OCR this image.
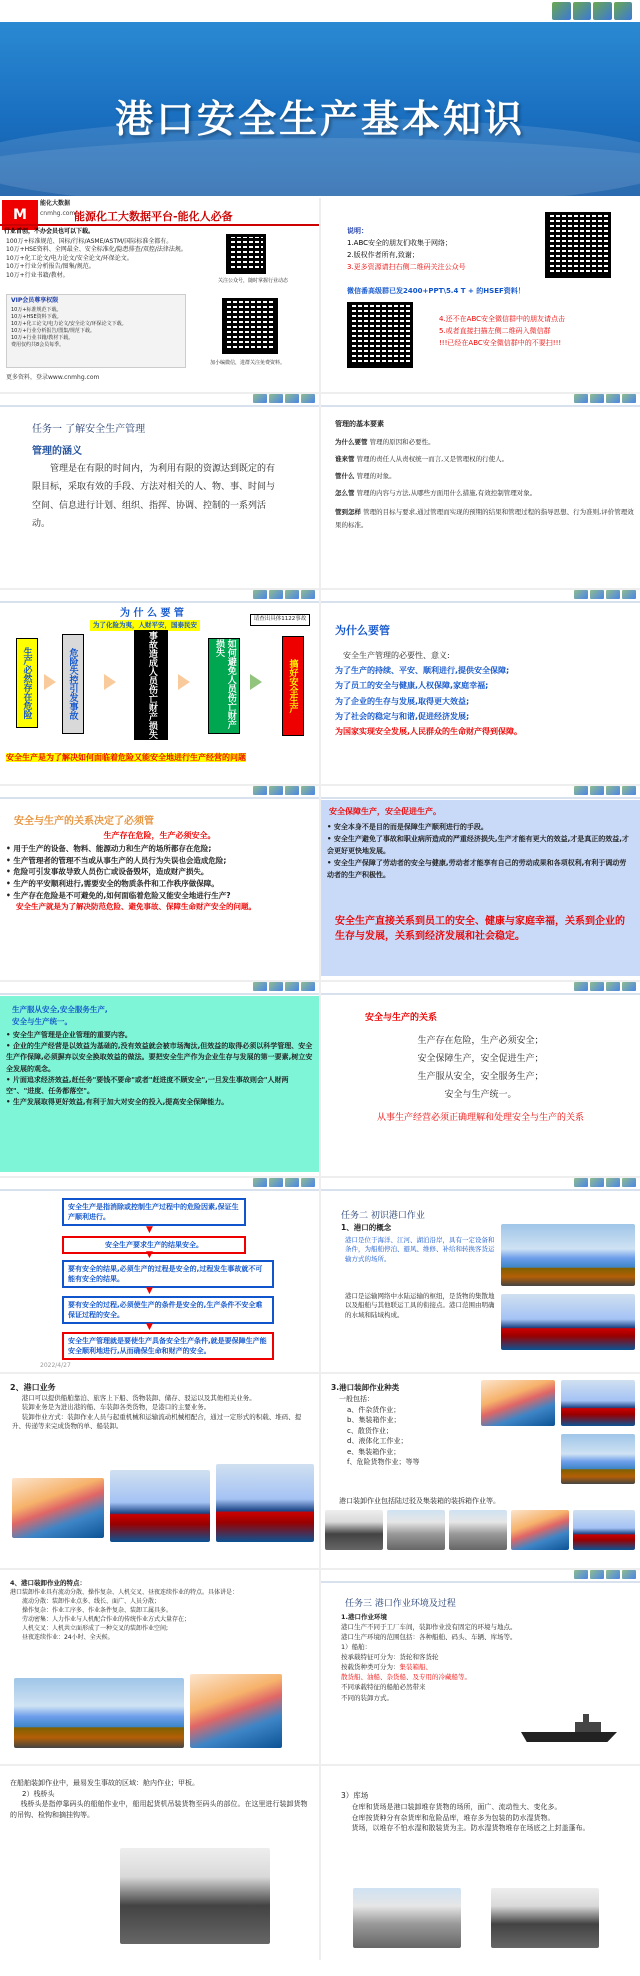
港口安全生产基本知识
M
能化大数据
cnmhg.com
能源化工大数据平台-能化人必备
行业首创，不办会员也可以下载。
100万+标准规范、国标/行标/ASME/ASTM/国际标准全都有。
10万+HSE资料、全网最全、安全标准化/隐患排查/双控/法律法规。
10万+化工论文/电力论文/安全论文/环保论文。
10万+行业分析报告/图集/规范。
10万+行业书籍/教材。
关注公众号，随时掌握行业动态
VIP会员尊享权限
10万+标准规范下载。
10万+HSE资料下载。
10万+化工论文/电力论文/安全论文/环保论文下载。
10万+行业分析报告/图集/规范下载。
10万+行业书籍/教材下载。
费用仅约共8会员每季。
加小编微信，进群关注免费资料。
更多资料，登录www.cnmhg.com
说明：
1.ABC安全的朋友们收集于网络；
2.版权作者所有,致谢；
3.更多资源请扫右侧二维码关注公众号
微信番高级群已发2400+PPT\5.4 T + 的HSEF资料！
4.还不在ABC安全微信群中的朋友请点击
5.或者直接扫描左侧二维码入微信群
!!!已经在ABC安全微信群中的不要扫!!!
任务一 了解安全生产管理
管理的涵义
管理是在有限的时间内，为利用有限的资源达到既定的有限目标，采取有效的手段、方法对相关的人、物、事、时间与空间、信息进行计划、组织、指挥、协调、控制的一系列活动。
管理的基本要素
为什么要管 管理的原因和必要性。
谁来管 管理的责任人从责权统一而言,又是管理权的行使人。
管什么 管理的对象。
怎么管 管理的内容与方法,从哪些方面用什么措施,有效控制管理对象。
管到怎样 管理的目标与要求,通过管理而实现的预期的结果和管理过程的指导思想、行为准则,评价管理效果的标准。
为 什 么 要 管
为了化险为夷，人财平安，国泰民安
请查出具体1122事故
生产必然存在危险	危险失控引发事故	事故造成人员伤亡财产损失	如何避免人员伤亡财产损失
搞好安全生产
安全生产是为了解决如何面临着危险又能安全地进行生产经营的问题
为什么要管
安全生产管理的必要性、意义:
为了生产的持续、平安、顺利进行,提供安全保障;
为了员工的安全与健康,人权保障,家庭幸福;
为了企业的生存与发展,取得更大效益;
为了社会的稳定与和谐,促进经济发展;
为国家实现安全发展,人民群众的生命财产得到保障。
安全与生产的关系决定了必须管
生产存在危险，生产必须安全。
• 用于生产的设备、物料、能源动力和生产的场所都存在危险;
• 生产管理者的管理不当或从事生产的人员行为失误也会造成危险;
• 危险可引发事故导致人员伤亡或设备毁坏，造成财产损失。
• 生产的平安顺利进行,需要安全的物质条件和工作秩序做保障。
• 生产存在危险是不可避免的,如何面临着危险又能安全地进行生产?
安全生产就是为了解决防范危险、避免事故、保障生命财产安全的问题。
安全保障生产，安全促进生产。
• 安全本身不是目的而是保障生产顺利进行的手段。
• 安全生产避免了事故和职业病所造成的严重经济损失,生产才能有更大的效益,才是真正的效益,才会更好更快地发展。
• 安全生产保障了劳动者的安全与健康,劳动者才能享有自己的劳动成果和各项权利,有利于调动劳动者的生产积极性。
安全生产直接关系到员工的安全、健康与家庭幸福，关系到企业的生存与发展，关系到经济发展和社会稳定。
生产服从安全,安全服务生产,
安全与生产统一。
• 安全生产管理是企业管理的重要内容。
• 企业的生产经营是以效益为基础的,没有效益就会被市场淘汰,但效益的取得必须以科学管理、安全生产作保障,必须摒弃以安全换取效益的做法。要把安全生产作为企业生存与发展的第一要素,树立安全发展的观念。
• 片面追求经济效益,赶任务"要钱不要命"或者"赶进度不顾安全",一旦发生事故则会"人财两空"、"进度、任务都落空"。
• 生产发展取得更好效益,有利于加大对安全的投入,提高安全保障能力。
安全与生产的关系
生产存在危险，生产必须安全；
安全保障生产，安全促进生产；
生产服从安全，安全服务生产；
安全与生产统一。
从事生产经营必须正确理解和处理安全与生产的关系
安全生产是指消除或控制生产过程中的危险因素,保证生产顺利进行。
▼
安全生产要求生产的结果安全。
▼
要有安全的结果,必须生产的过程是安全的,过程发生事故就不可能有安全的结果。
▼
要有安全的过程,必须使生产的条件是安全的,生产条件不安全难保证过程的安全。
▼
安全生产管理就是要使生产具备安全生产条件,就是要保障生产能安全顺利地进行,从而确保生命和财产的安全。
2022/4/27
任务二 初识港口作业
1、港口的概念
港口是位于海洋、江河、湖泊沿岸，具有一定设备和条件，为船舶停泊、避风、维修、补给和转换客货运输方式的场所。
港口是运输网络中水陆运输的枢纽，是货物的集散地以及船舶与其他联运工具的衔接点。港口范围由明确的水域和陆域构成。
2、港口业务
港口可以提供船舶靠泊、旅客上下船、货物装卸、储存、驳运以及其他相关业务。
装卸业务是为进出港的船、车装卸各类货物，是港口的主要业务。
装卸作业方式：装卸作业人员与起重机械和运输流动机械相配合，通过一定形式的积载、堆码、提升、传递等来完成货物的单、船装卸。
3.港口装卸作业种类
一般包括：
a、件杂货作业；
b、集装箱作业；
c、散货作业；
d、液体化工作业；
e、集装箱作业；
f、危险货物作业；等等
港口装卸作业包括陆过驳及集装箱的装拆箱作业等。
4、港口装卸作业的特点：
港口装卸作业具有流动分散、操作复杂、人机交叉、昼夜连续作业的特点。具体讲是：
流动分散：装卸作业点多、线长、面广、人员分散；
操作复杂：作业工序多、作业条件复杂、装卸工属具多。
劳动密集：人力作业与人机配合作业的传统作业方式大量存在；
人机交叉：人机共立面形成了一种交叉的装卸作业空间;
昼夜连续作业：24小时、全天候。
任务三 港口作业环境及过程
1.港口作业环境
港口生产不同于工厂车间，装卸作业没有固定的环境与地点。
港口生产环境的范围包括：各种船舶、码头、车辆、库场等。
1）船舶：
按承载特征可分为：货轮和客货轮
按载货种类可分为：集装箱船、
散货船、油船、杂货船、及专用的冷藏船等。
不同承载特征的船舶必然带来
不同的装卸方式。
在船舶装卸作业中，最易发生事故的区域：舱内作业；甲板。
2）栈桥头
栈桥头是指停靠码头的船舶作业中，船用起货机吊装货物至码头的部位。在这里进行装卸货物的吊钩、检钩和摘挂钩等。
3）库场
仓库和货场是港口装卸堆存货物的场所，面广、流动性大、变化多。
仓库按货种分有杂货库和危险品库，堆存多为包装的防水湿货物。
货场，以堆存不怕水湿和散装货为主。防水湿货物堆存在场底之上封盖蓬布。
